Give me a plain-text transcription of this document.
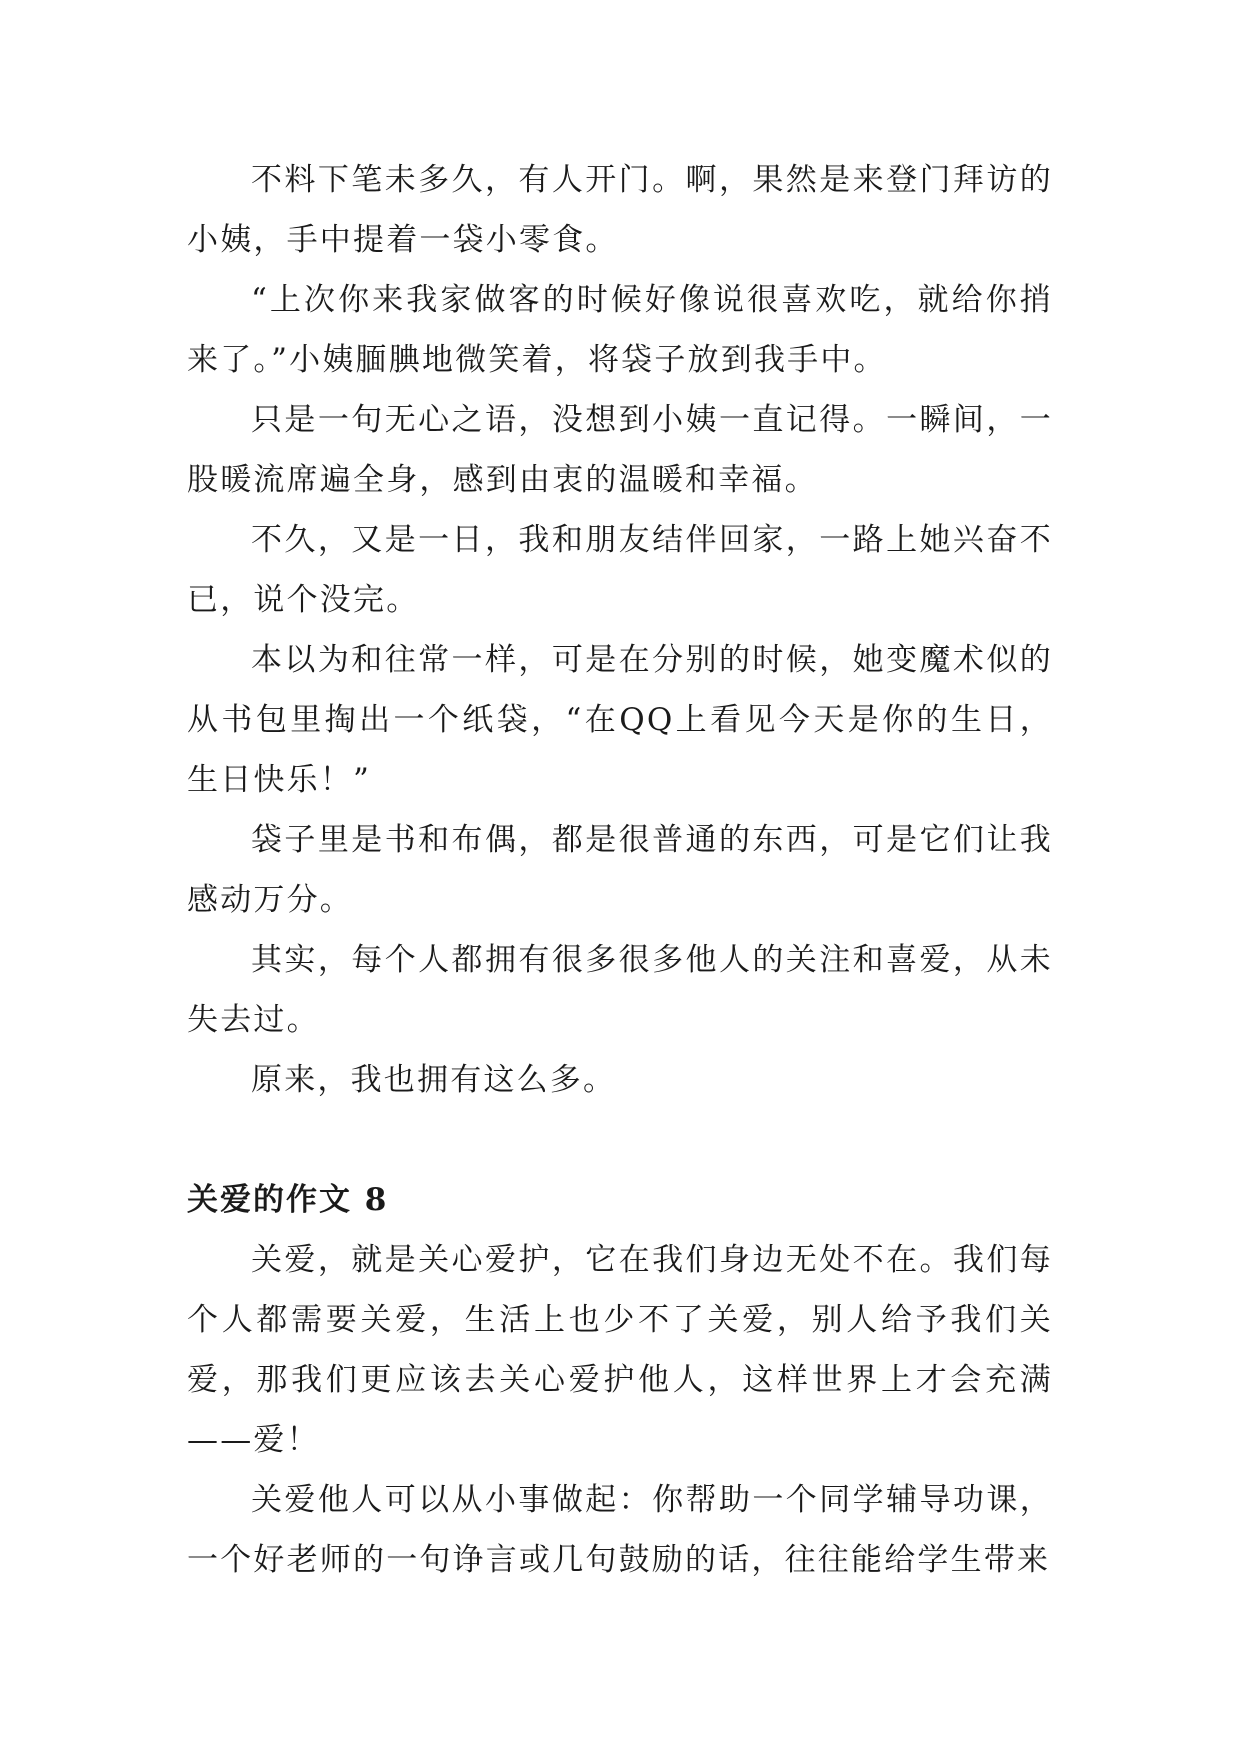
不料下笔未多久，有人开门。啊，果然是来登门拜访的小姨，手中提着一袋小零食。

“上次你来我家做客的时候好像说很喜欢吃，就给你捎来了。”小姨腼腆地微笑着，将袋子放到我手中。

只是一句无心之语，没想到小姨一直记得。一瞬间，一股暖流席遍全身，感到由衷的温暖和幸福。

不久，又是一日，我和朋友结伴回家，一路上她兴奋不已，说个没完。

本以为和往常一样，可是在分别的时候，她变魔术似的从书包里掏出一个纸袋，“在QQ上看见今天是你的生日，生日快乐！”

袋子里是书和布偶，都是很普通的东西，可是它们让我感动万分。

其实，每个人都拥有很多很多他人的关注和喜爱，从未失去过。

原来，我也拥有这么多。

关爱的作文 8

关爱，就是关心爱护，它在我们身边无处不在。我们每个人都需要关爱，生活上也少不了关爱，别人给予我们关爱，那我们更应该去关心爱护他人，这样世界上才会充满——爱！

关爱他人可以从小事做起：你帮助一个同学辅导功课，一个好老师的一句诤言或几句鼓励的话，往往能给学生带来
